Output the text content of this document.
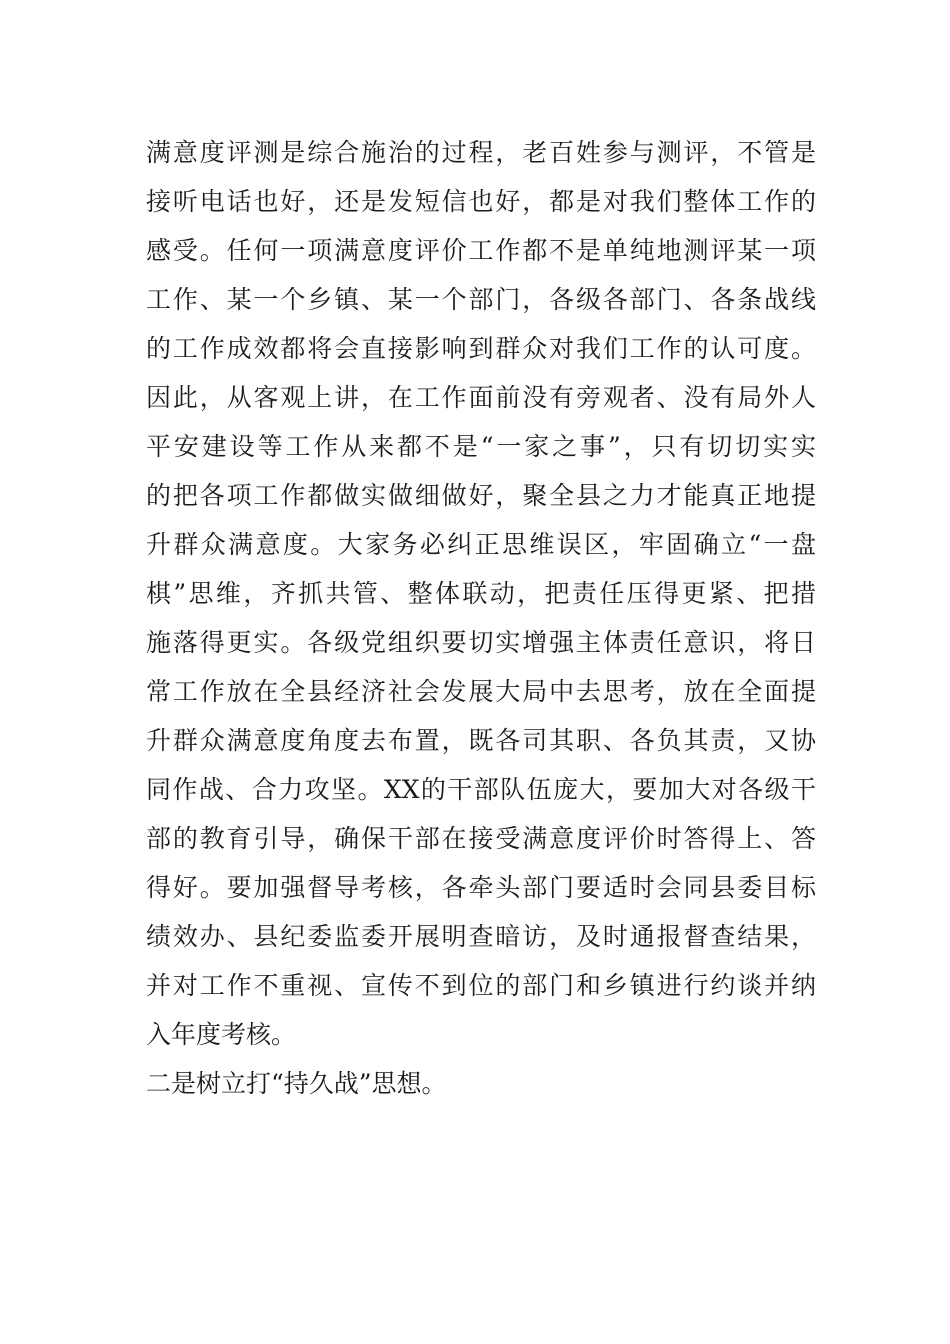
满意度评测是综合施治的过程，老百姓参与测评，不管是
接听电话也好，还是发短信也好，都是对我们整体工作的
感受。任何一项满意度评价工作都不是单纯地测评某一项
工作、某一个乡镇、某一个部门，各级各部门、各条战线
的工作成效都将会直接影响到群众对我们工作的认可度。
因此，从客观上讲，在工作面前没有旁观者、没有局外人
平安建设等工作从来都不是“一家之事”，只有切切实实
的把各项工作都做实做细做好，聚全县之力才能真正地提
升群众满意度。大家务必纠正思维误区，牢固确立“一盘
棋”思维，齐抓共管、整体联动，把责任压得更紧、把措
施落得更实。各级党组织要切实增强主体责任意识，将日
常工作放在全县经济社会发展大局中去思考，放在全面提
升群众满意度角度去布置，既各司其职、各负其责，又协
同作战、合力攻坚。XX的干部队伍庞大，要加大对各级干
部的教育引导，确保干部在接受满意度评价时答得上、答
得好。要加强督导考核，各牵头部门要适时会同县委目标
绩效办、县纪委监委开展明查暗访，及时通报督查结果，
并对工作不重视、宣传不到位的部门和乡镇进行约谈并纳
入年度考核。
二是树立打“持久战”思想。
